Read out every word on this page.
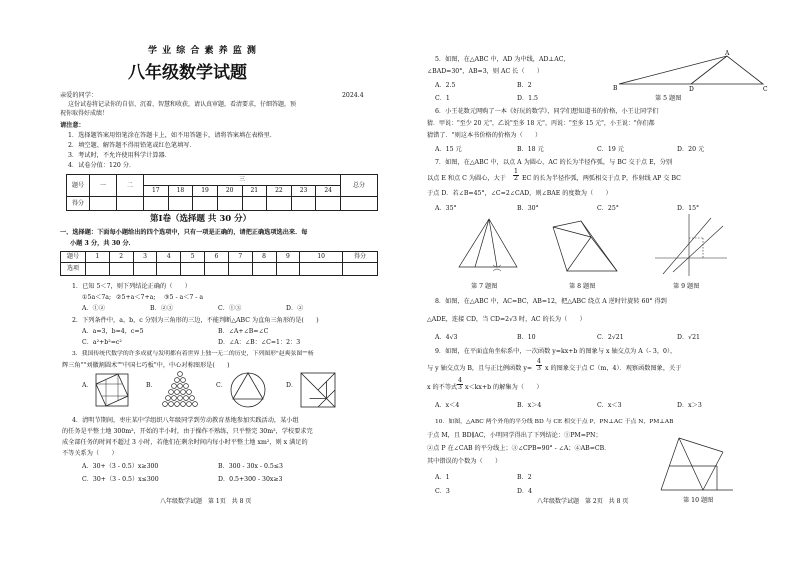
学 业 综 合 素 养 监 测
八年级数学试题
亲爱的同学：	2024.4
这份试卷将记录你的自信、沉着、智慧和收获，请认真审题，看清要求，仔细答题，预
祝你取得好成绩！
请注意：
1．选择题答案用铅笔涂在答题卡上，如不用答题卡，请将答案填在表格里．
2．填空题、解答题不得用铅笔或红色笔填写．
3．考试时，不允许使用科学计算器．
4．试卷分值：120 分．
题号	一	二	三								总分
			17	18	19	20	21	22	23	24	
得分											
第Ⅰ卷（选择题 共 30 分）
一、选择题：下面每小题给出的四个选项中，只有一项是正确的，请把正确选项选出来．每
小题 3 分，共 30 分．
题号	1	2	3	4	5	6	7	8	9	10	得分
选项											
1．已知 5＜7，则下列结论正确的（　　）
①5a＜7a; ②5+a＜7+a; ③5 - a＜7 - a
A．①②	B．②③	C．①③	D．②
2．下列条件中，a，b，c 分别为三角形的三边，不能判断△ABC 为直角三角形的是(　　)
A．a=3，b=4，c=5	B．∠A+∠B=∠C
C．a²+b²=c²	D．∠A：∠B：∠C=1：2：3
3．我国传统代数学的许多成就与发明都有着世界上独一无二的历史，下列图形"赵爽弦图""杨
辉三角""刘徽割圆术""中国七巧板"中，中心对称图形是(　　)
A．	B．	C．	D．
4．清明节期间，枣庄某中学组织八年级同学到劳动教育基地参加实践活动，某小组
的任务是平整土地 300m²，开始的半小时，由于操作不熟练，只平整完 30m²，学校要求完
成全部任务的时间不超过 3 小时，若他们在剩余时间内每小时平整土地 xm²，则 x 满足的
不等关系为（　　）
A．30+（3 - 0.5）x≥300	B．300 - 30x - 0.5≤3
C．30+（3 - 0.5）x≤300	D．0.5+300 - 30x≥3
八年级数学试题　第 1页　共 8 页
5．如图，在△ABC 中，AD 为中线，AD⊥AC，
∠BAD=30°，AB=3，则 AC 长（　　）
A．2.5	B．2
C．1	D．1.5
A
B	D	C
第 5 题图
6．小王花数元网购了一本《好玩的数学》，同学们想知道书的价格，小王让同学们
猜．甲说："至少 20 元"，乙说"至多 18 元"，丙说："至多 15 元"，小王说："你们都
猜错了．"则这本书价格的价格为（　　）
A．15 元	B．18 元	C．19 元	D．20 元
7．如图，在△ABC 中，以点 A 为圆心，AC 的长为半径作弧，与 BC 交于点 E，分别
以点 E 和点 C 为圆心，大于
1
2 EC 的长为半径作弧，两弧相交于点 P，作射线 AP 交 BC
于点 D．若∠B=45°，∠C=2∠CAD，则∠BAE 的度数为（　　）
A．35°	B．30°	C．25°	D．15°
第 7 题图	第 8 题图	第 9 题图
8．如图，在△ABC 中，AC=BC，AB=12，把△ABC 绕点 A 逆时针旋转 60° 得到
△ADE，连接 CD，当 CD=2√3 时，AC 的长为（　　）
A．4√3	B．10	C．2√21	D．√21
9．如图，在平面直角坐标系中，一次函数 y=kx+b 的图象与 x 轴交点为 A（- 3，0），
与 y 轴交点为 B，且与正比例函数 y=
4
3 x 的图象交于点 C（m，4）．观察函数图象，关于
x 的不等式
4
3 x＜kx+b 的解集为（　　）
A．x＜4	B．x＞4	C．x＜3	D．x＞3
10．如图，△ABC 两个外角的平分线 BD 与 CE 相交于点 P，PN⊥AC 于点 N，PM⊥AB
于点 M，且 BD∥AC，小明同学得出了下列结论：①PM=PN；
②点 P 在∠CAB 的平分线上；③∠CPB=90° - ∠A；④AB=CB．
其中错误的个数为（　　）
A．1	B．2
C．3	D．4
第 10 题图
八年级数学试题　第 2页　共 8 页
